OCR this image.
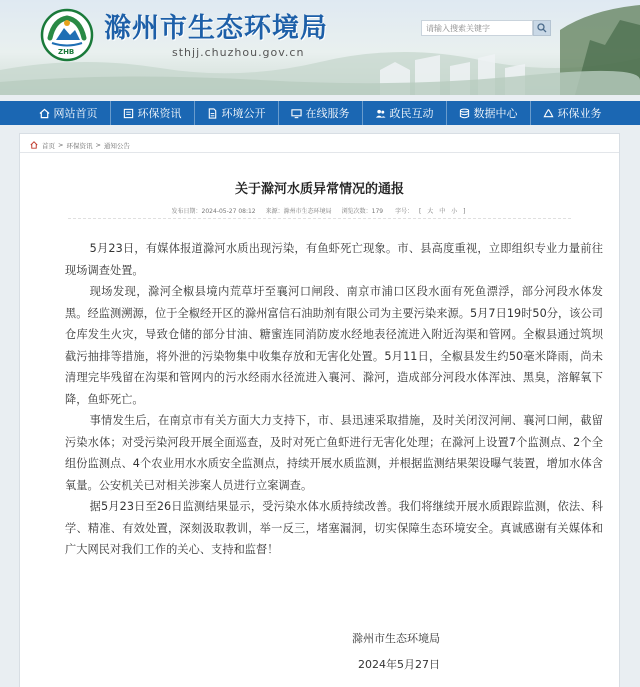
ZHB
滁州市生态环境局
sthjj.chuzhou.gov.cn
请输入搜索关键字
网站首页	环保资讯	环境公开	在线服务	政民互动	数据中心	环保业务
首页 > 环保资讯 > 通知公告
关于滁河水质异常情况的通报
发布日期：2024-05-27 08:12 来源：滁州市生态环境局 浏览次数：179	字号： [ 大 中 小 ]

5月23日，有媒体报道滁河水质出现污染，有鱼虾死亡现象。市、县高度重视，立即组织专业力量前往现场调查处置。

现场发现，滁河全椒县境内荒草圩至襄河口闸段、南京市浦口区段水面有死鱼漂浮，部分河段水体发黑。经监测溯源，位于全椒经开区的滁州富信石油助剂有限公司为主要污染来源。5月7日19时50分，该公司仓库发生火灾，导致仓储的部分甘油、糖蜜连同消防废水经地表径流进入附近沟渠和管网。全椒县通过筑坝截污抽排等措施，将外泄的污染物集中收集存放和无害化处置。5月11日，全椒县发生约50毫米降雨，尚未清理完毕残留在沟渠和管网内的污水经雨水径流进入襄河、滁河，造成部分河段水体浑浊、黑臭，溶解氧下降，鱼虾死亡。

事情发生后，在南京市有关方面大力支持下，市、县迅速采取措施，及时关闭汊河闸、襄河口闸，截留污染水体；对受污染河段开展全面巡查，及时对死亡鱼虾进行无害化处理；在滁河上设置7个监测点、2个全组份监测点、4个农业用水水质安全监测点，持续开展水质监测，并根据监测结果架设曝气装置，增加水体含氧量。公安机关已对相关涉案人员进行立案调查。

据5月23日至26日监测结果显示，受污染水体水质持续改善。我们将继续开展水质跟踪监测，依法、科学、精准、有效处置，深刻汲取教训，举一反三，堵塞漏洞，切实保障生态环境安全。真诚感谢有关媒体和广大网民对我们工作的关心、支持和监督！

滁州市生态环境局
2024年5月27日
